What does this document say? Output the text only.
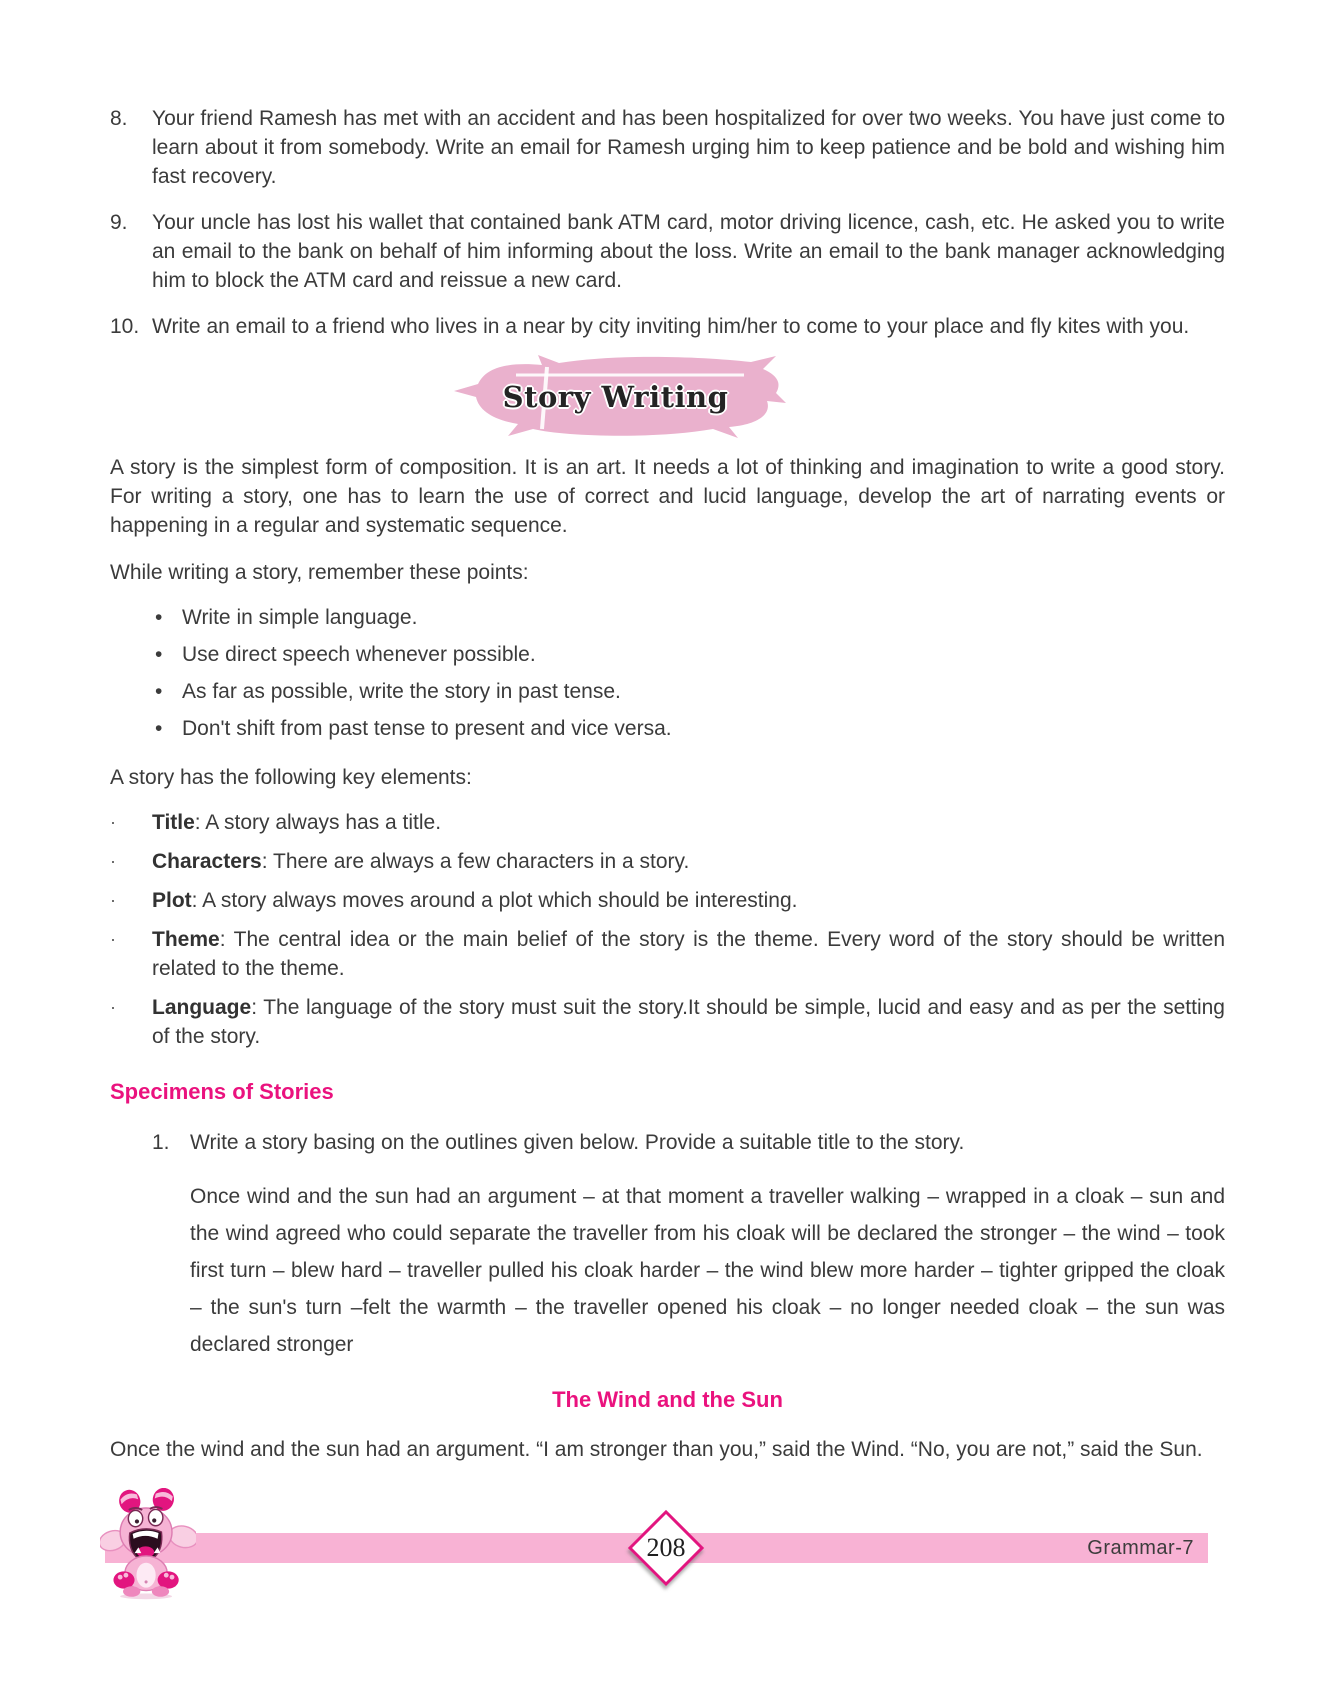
8.	Your friend Ramesh has met with an accident and has been hospitalized for over two weeks. You have just come to learn about it from somebody. Write an email for Ramesh urging him to keep patience and be bold and wishing him fast recovery.
9.	Your uncle has lost his wallet that contained bank ATM card, motor driving licence, cash, etc. He asked you to write an email to the bank on behalf of him informing about the loss. Write an email to the bank manager acknowledging him to block the ATM card and reissue a new card.
10. Write an email to a friend who lives in a near by city inviting him/her to come to your place and fly kites with you.
Story Writing

A story is the simplest form of composition. It is an art. It needs a lot of thinking and imagination to write a good story. For writing a story, one has to learn the use of correct and lucid language, develop the art of narrating events or happening in a regular and systematic sequence.

While writing a story, remember these points:

• Write in simple language.
• Use direct speech whenever possible.
• As far as possible, write the story in past tense.
• Don't shift from past tense to present and vice versa.

A story has the following key elements:

·	Title: A story always has a title.
·	Characters: There are always a few characters in a story.
·	Plot: A story always moves around a plot which should be interesting.
·	Theme: The central idea or the main belief of the story is the theme. Every word of the story should be written related to the theme.
·	Language: The language of the story must suit the story.It should be simple, lucid and easy and as per the setting of the story.
Specimens of Stories
1. Write a story basing on the outlines given below. Provide a suitable title to the story.

Once wind and the sun had an argument – at that moment a traveller walking – wrapped in a cloak – sun and the wind agreed who could separate the traveller from his cloak will be declared the stronger – the wind – took first turn – blew hard – traveller pulled his cloak harder – the wind blew more harder – tighter gripped the cloak – the sun's turn –felt the warmth – the traveller opened his cloak – no longer needed cloak – the sun was declared stronger

The Wind and the Sun

Once the wind and the sun had an argument. “I am stronger than you,” said the Wind. “No, you are not,” said the Sun.

208	Grammar-7
